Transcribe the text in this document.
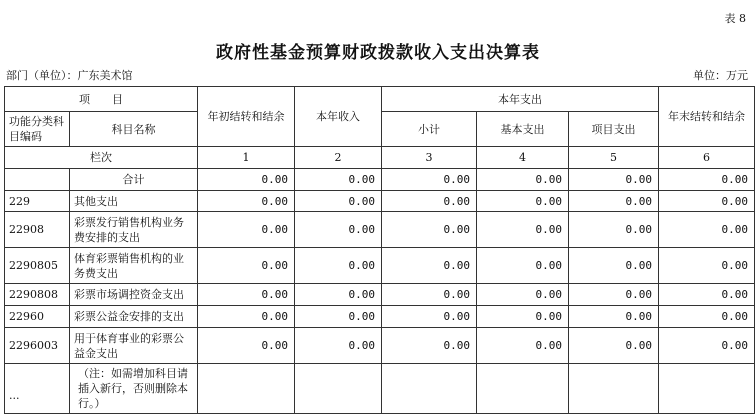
表 8
政府性基金预算财政拨款收入支出决算表
部门（单位）：广东美术馆	单位：万元
项　　目		年初结转和结余	本年收入	本年支出			年末结转和结余
功能分类科目编码	科目名称			小计	基本支出	项目支出	
栏次		1	2	3	4	5	6
	合计	0.00	0.00	0.00	0.00	0.00	0.00
229	其他支出	0.00	0.00	0.00	0.00	0.00	0.00
22908	彩票发行销售机构业务费安排的支出	0.00	0.00	0.00	0.00	0.00	0.00
2290805	体育彩票销售机构的业务费支出	0.00	0.00	0.00	0.00	0.00	0.00
2290808	彩票市场调控资金支出	0.00	0.00	0.00	0.00	0.00	0.00
22960	彩票公益金安排的支出	0.00	0.00	0.00	0.00	0.00	0.00
2296003	用于体育事业的彩票公益金支出	0.00	0.00	0.00	0.00	0.00	0.00
...	（注：如需增加科目请插入新行，否则删除本行。）						
